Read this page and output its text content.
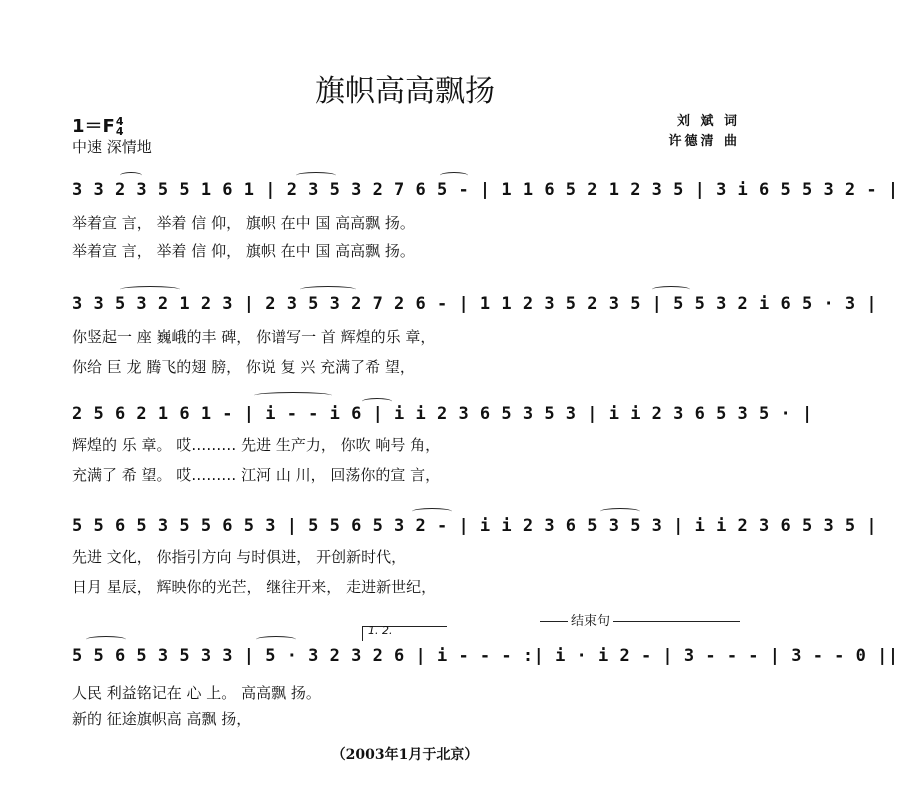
旗帜高高飘扬
1＝F4
4
中速 深情地
刘 斌 词
许德清 曲
3 3 2 3 5 5 1 6 1 | 2 3 5 3 2 7 6 5 - | 1 1 6 5 2 1 2 3 5 | 3 i 6 5 5 3 2 - |
举着宣 言， 举着 信 仰， 旗帜 在中 国 高高飘 扬。
举着宣 言， 举着 信 仰， 旗帜 在中 国 高高飘 扬。
3 3 5 3 2 1 2 3 | 2 3 5 3 2 7 2 6 - | 1 1 2 3 5 2 3 5 | 5 5 3 2 i 6 5 · 3 |
你竖起一 座 巍峨的丰 碑， 你谱写一 首 辉煌的乐 章，
你给 巨 龙 腾飞的翅 膀， 你说 复 兴 充满了希 望，
2 5 6 2 1 6 1 - | i - - i 6 | i i 2 3 6 5 3 5 3 | i i 2 3 6 5 3 5 · |
辉煌的 乐 章。 哎……… 先进 生产力， 你吹 响号 角，
充满了 希 望。 哎……… 江河 山 川， 回荡你的宣 言，
5 5 6 5 3 5 5 6 5 3 | 5 5 6 5 3 2 - | i i 2 3 6 5 3 5 3 | i i 2 3 6 5 3 5 |
先进 文化， 你指引方向 与时俱进， 开创新时代，
日月 星辰， 辉映你的光芒， 继往开来， 走进新世纪，
结束句
1. 2.
5 5 6 5 3 5 3 3 | 5 · 3 2 3 2 6 | i - - - :| i · i 2 - | 3 - - - | 3 - - 0 ||
人民 利益铭记在 心 上。 高高飘 扬。
新的 征途旗帜高 高飘 扬，
（2003年1月于北京）
